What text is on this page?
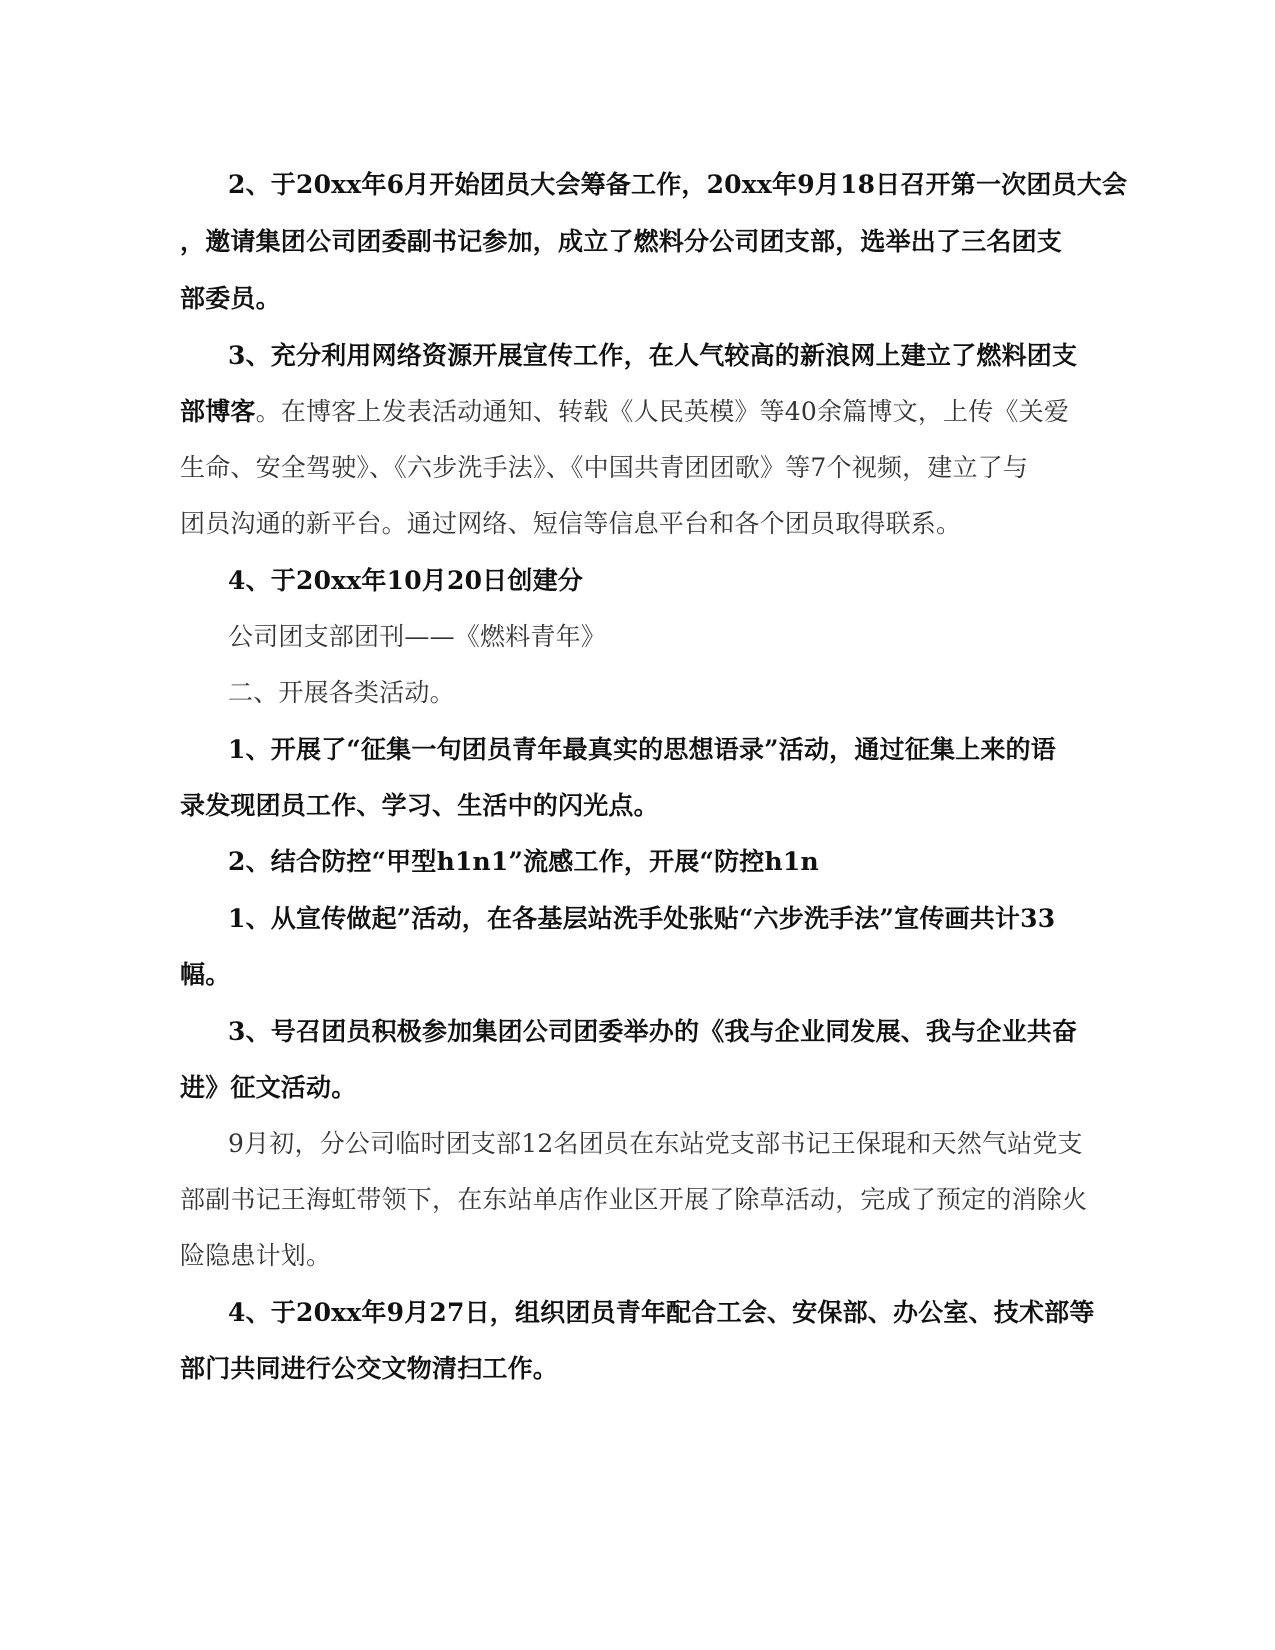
2、于20xx年6月开始团员大会筹备工作，20xx年9月18日召开第一次团员大会
，邀请集团公司团委副书记参加，成立了燃料分公司团支部，选举出了三名团支
部委员。
3、充分利用网络资源开展宣传工作，在人气较高的新浪网上建立了燃料团支
部博客。在博客上发表活动通知、转载《人民英模》等40余篇博文，上传《关爱
生命、安全驾驶》、《六步洗手法》、《中国共青团团歌》等7个视频，建立了与
团员沟通的新平台。通过网络、短信等信息平台和各个团员取得联系。
4、于20xx年10月20日创建分
公司团支部团刊——《燃料青年》
二、开展各类活动。
1、开展了“征集一句团员青年最真实的思想语录”活动，通过征集上来的语
录发现团员工作、学习、生活中的闪光点。
2、结合防控“甲型h1n1”流感工作，开展“防控h1n
1、从宣传做起”活动，在各基层站洗手处张贴“六步洗手法”宣传画共计33
幅。
3、号召团员积极参加集团公司团委举办的《我与企业同发展、我与企业共奋
进》征文活动。
9月初，分公司临时团支部12名团员在东站党支部书记王保琨和天然气站党支
部副书记王海虹带领下，在东站单店作业区开展了除草活动，完成了预定的消除火
险隐患计划。
4、于20xx年9月27日，组织团员青年配合工会、安保部、办公室、技术部等
部门共同进行公交文物清扫工作。
